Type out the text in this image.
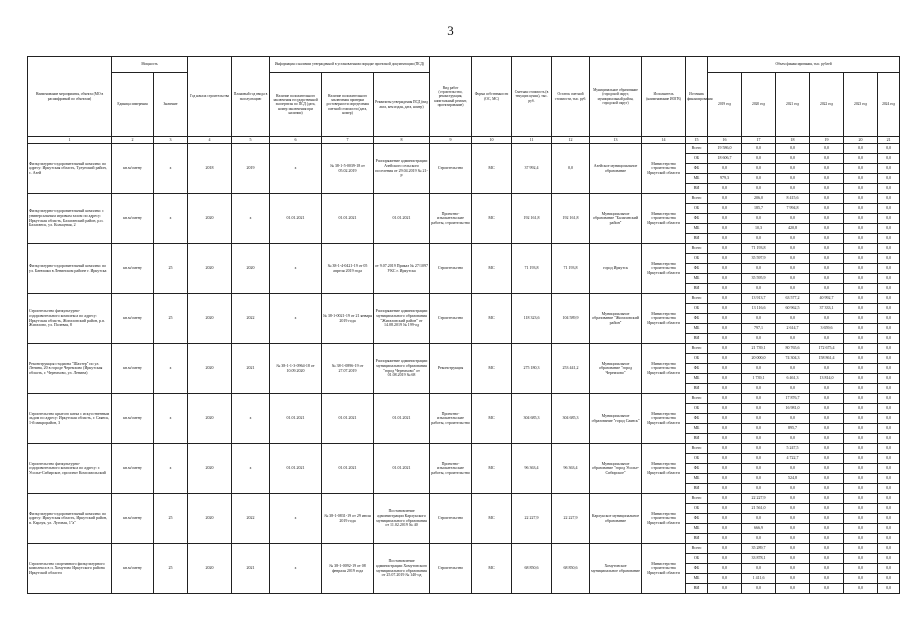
3
Наименование мероприятия, объекта (МО в расшифровкой по объектам)	Мощность		Год начала строительства	Плановый год ввода в эксплуатацию	Информация о наличии утвержденной в установленном порядке проектной документации (ПСД)			Вид работ (строительство, реконструкция, капитальный ремонт, проектирование)	Форма собственности (ОС, МС)	Сметная стоимость (в текущих ценах), тыс. руб.	Остаток сметной стоимости, тыс. руб.	Муниципальное образование (городской округ, муниципальный район, городской округ)	Исполнитель (наименование ИОГВ)	Источник финансирования	Объем финансирования, тыс. рублей					
	Единица измерения	Значение			Наличие положительного заключения государственной экспертизы по ПСД (дата, номер заключения при наличии)	Наличие положительного заключения проверки достоверности определения сметной стоимости (дата, номер)	Реквизиты утверждения ПСД (вид акта, кем издан, дата, номер)								2019 год	2020 год	2021 год	2022 год	2023 год	2024 год

1	2	3	4	5	6	7	8	9	10	11	12	13	14	15	16	17	18	19	20	21
Физкультурно-оздоровительный комплекс по адресу: Иркутская область, Тулунский район, с. Азей	кв.м/смену	х	2018	2019	х	№ 38-1-5-0039-18 от 05.02.2019	Распоряжение администрации Азейского сельского поселения от 29.04.2019 № 21-р	Строительство	МС	37 992,4	0,0	Азейское муниципальное образование	Министерство строительства Иркутской области	Всего	19 586,0	0,0	0,0	0,0	0,0	0,0
														ОБ	18 606,7	0,0	0,0	0,0	0,0	0,0
														ФБ	0,0	0,0	0,0	0,0	0,0	0,0
														МБ	979,3	0,0	0,0	0,0	0,0	0,0
														ВИ	0,0	0,0	0,0	0,0	0,0	0,0
Физкультурно-оздоровительный комплекс с универсальным игровым залом по адресу: Иркутская область, Балаганский район, р.п. Балаганск, ул. Кольцевая, 2	кв.м/смену	х	2020	х	01.01.2021	01.01.2021	01.01.2021	Проектно-изыскательские работы, строительство	МС	192 161,8	192 161,8	Муниципальное образование "Балаганский район"	Министерство строительства Иркутской области	Всего	0,0	206,0	8 415,6	0,0	0,0	0,0
														ОБ	0,0	185,7	7 994,8	0,0	0,0	0,0
														ФБ	0,0	0,0	0,0	0,0	0,0	0,0
														МБ	0,0	10,3	420,8	0,0	0,0	0,0
														ВИ	0,0	0,0	0,0	0,0	0,0	0,0
Физкультурно-оздоровительный комплекс по ул. Батюшки в Ленинском районе г. Иркутска	кв.м/смену	25	2020	2020	х	№ 38-1-4-0421-19 от 05 апреля 2019 года	от 9.07.2019 Приказ № 27/1097 УКС г. Иркутска	Строительство	МС	71 193,8	71 193,8	город Иркутск	Министерство строительства Иркутской области	Всего	0,0	71 193,8	0,0	0,0	0,0	0,0
														ОБ	0,0	35 597,9	0,0	0,0	0,0	0,0
														ФБ	0,0	0,0	0,0	0,0	0,0	0,0
														МБ	0,0	35 595,9	0,0	0,0	0,0	0,0
														ВИ	0,0	0,0	0,0	0,0	0,0	0,0
Строительство физкультурно-оздоровительного комплекса по адресу: Иркутская область, Жигаловский район, р.п. Жигалово, ул. Полевая, 8	кв.м/смену	25	2020	2022	х	№ 38-1-0021-19 от 21 января 2019 года	Распоряжение администрации муниципального образования "Жигаловский район" от 14.08.2019 № 199-од	Строительство	МС	118 323,6	104 589,9	Муниципальное образование "Жигаловский район"	Министерство строительства Иркутской области	Всего	0,0	13 913,7	63 577,2	40 992,7	0,0	0,0
														ОБ	0,0	13 116,6	60 962,5	37 333,1	0,0	0,0
														ФБ	0,0	0,0	0,0	0,0	0,0	0,0
														МБ	0,0	797,1	2 614,7	3 659,6	0,0	0,0
														ВИ	0,0	0,0	0,0	0,0	0,0	0,0
Реконструкция стадиона "Шахтер" по ул. Ленина, 20 в городе Черемхово (Иркутская область, г. Черемхово, ул. Ленина)	кв.м/смену	х	2020	2021	№ 38-1-1-3-0964-18 от 10.09.2020	№ 38-1-0896-19 от 27.07.2019	Распоряжение администрации муниципального образования "город Черемхово" от 01.08.2019 № 68	Реконструкция	МС	275 180,3	253 441,2	Муниципальное образование "город Черемхово"	Министерство строительства Иркутской области	Всего	0,0	21 739,1	80 765,6	172 675,4	0,0	0,0
														ОБ	0,0	20 000,0	74 304,3	158 861,4	0,0	0,0
														ФБ	0,0	0,0	0,0	0,0	0,0	0,0
														МБ	0,0	1 739,1	6 461,3	13 814,0	0,0	0,0
														ВИ	0,0	0,0	0,0	0,0	0,0	0,0
Строительство крытого катка с искусственным льдом по адресу: Иркутская область, г. Саянск, 1-й микрорайон, 3	кв.м/смену	х	2020	х	01.01.2021	01.01.2021	01.01.2021	Проектно-изыскательские работы, строительство	МС	304 685,3	304 685,3	Муниципальное образование "город Саянск"	Министерство строительства Иркутской области	Всего	0,0	0,0	17 876,7	0,0	0,0	0,0
														ОБ	0,0	0,0	16 981,0	0,0	0,0	0,0
														ФБ	0,0	0,0	0,0	0,0	0,0	0,0
														МБ	0,0	0,0	895,7	0,0	0,0	0,0
														ВИ	0,0	0,0	0,0	0,0	0,0	0,0
Строительство физкультурно-оздоровительного комплекса по адресу: г. Усолье-Сибирское, проспект Комсомольский	кв.м/смену	х	2020	х	01.01.2021	01.01.2021	01.01.2021	Проектно-изыскательские работы, строительство	МС	96 363,4	96 363,4	Муниципальное образование "город Усолье-Сибирское"	Министерство строительства Иркутской области	Всего	0,0	0,0	5 247,5	0,0	0,0	0,0
														ОБ	0,0	0,0	4 722,7	0,0	0,0	0,0
														ФБ	0,0	0,0	0,0	0,0	0,0	0,0
														МБ	0,0	0,0	524,8	0,0	0,0	0,0
														ВИ	0,0	0,0	0,0	0,0	0,0	0,0
Физкультурно-оздоровительный комплекс по адресу: Иркутская область, Иркутский район, п. Карлук, ул. Луговая, 1"а"	кв.м/смену	25	2020	2022	х	№ 38-1-0831-19 от 29 июля 2019 года	Постановление администрации Карлукского муниципального образования от 11.02.2019 № 40	Строительство	МС	22 227,9	22 227,9	Карлукское муниципальное образование	Министерство строительства Иркутской области	Всего	0,0	22 227,9	0,0	0,0	0,0	0,0
														ОБ	0,0	21 561,0	0,0	0,0	0,0	0,0
														ФБ	0,0	0,0	0,0	0,0	0,0	0,0
														МБ	0,0	666,9	0,0	0,0	0,0	0,0
														ВИ	0,0	0,0	0,0	0,0	0,0	0,0
Строительство спортивного физкультурного комплекса в п. Хомутово Иркутского района Иркутской области	кв.м/смену	25	2020	2021	х	№ 38-1-0092-19 от 08 февраля 2019 года	Постановление администрации Хомутовского муниципального образования от 25.07.2019 № 140-од	Строительство	МС	68 850,6	68 850,6	Хомутовское муниципальное образование	Министерство строительства Иркутской области	Всего	0,0	35 289,7	0,0	0,0	0,0	0,0
														ОБ	0,0	33 878,1	0,0	0,0	0,0	0,0
														ФБ	0,0	0,0	0,0	0,0	0,0	0,0
														МБ	0,0	1 411,6	0,0	0,0	0,0	0,0
														ВИ	0,0	0,0	0,0	0,0	0,0	0,0
